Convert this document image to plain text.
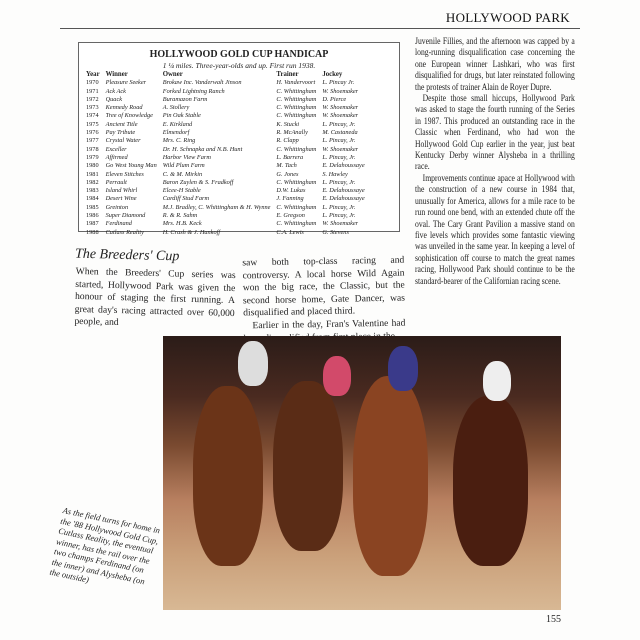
HOLLYWOOD PARK
HOLLYWOOD GOLD CUP HANDICAP
1 ¼ miles. Three-year-olds and up. First run 1938.
Year	Winner	Owner	Trainer	Jockey
1970	Pleasure Seeker	Brokaw Inc. Vanderwalt Jinson	H. Vandervoort	L. Pincay Jr.
1971	Ack Ack	Forked Lightning Ranch	C. Whittingham	W. Shoemaker
1972	Quack	Buramazon Farm	C. Whittingham	D. Pierce
1973	Kennedy Road	A. Stollery	C. Whittingham	W. Shoemaker
1974	Tree of Knowledge	Pin Oak Stable	C. Whittingham	W. Shoemaker
1975	Ancient Title	E. Kirkland	K. Stucki	L. Pincay, Jr.
1976	Pay Tribute	Elmendorf	R. McAnally	M. Castaneda
1977	Crystal Water	Mrs. C. Ring	R. Clapp	L. Pincay, Jr.
1978	Exceller	Dr. H. Schnapka and N.B. Hunt	C. Whittingham	W. Shoemaker
1979	Affirmed	Harbor View Farm	L. Barrera	L. Pincay, Jr.
1980	Go West Young Man	Wild Plum Farm	M. Tach	E. Delahoussaye
1981	Eleven Stitches	C. & M. Mirkin	G. Jones	S. Hawley
1982	Perrault	Baron Zuylen & S. Fradkoff	C. Whittingham	L. Pincay, Jr.
1983	Island Whirl	Elcee-H Stable	D.W. Lukas	E. Delahoussaye
1984	Desert Wine	Cardiff Stud Farm	J. Fanning	E. Delahoussaye
1985	Greinton	M.J. Bradley, C. Whittingham & H. Wynne	C. Whittingham	L. Pincay, Jr.
1986	Super Diamond	R. & R. Sahm	E. Gregson	L. Pincay, Jr.
1987	Ferdinand	Mrs. H.B. Keck	C. Whittingham	W. Shoemaker
1988	Cutlass Reality	H. Crash & J. Hankoff	C.A. Lewis	G. Stevens

Juvenile Fillies, and the afternoon was capped by a long-running disqualification case concerning the one European winner Lashkari, who was first disqualified for drugs, but later reinstated following the protests of trainer Alain de Royer Dupre.

Despite those small hiccups, Hollywood Park was asked to stage the fourth running of the Series in 1987. This produced an outstanding race in the Classic when Ferdinand, who had won the Hollywood Gold Cup earlier in the year, just beat Kentucky Derby winner Alysheba in a thrilling race.

Improvements continue apace at Hollywood with the construction of a new course in 1984 that, unusually for America, allows for a mile race to be run round one bend, with an extended chute off the oval. The Cary Grant Pavilion a massive stand on five levels which provides some fantastic viewing was unveiled in the same year. In keeping a level of sophistication off course to match the great names racing, Hollywood Park should continue to be the standard-bearer of the Californian racing scene.

The Breeders' Cup

When the Breeders' Cup series was started, Hollywood Park was given the honour of staging the first running. A great day's racing attracted over 60,000 people, and

saw both top-class racing and controversy. A local horse Wild Again won the big race, the Classic, but the second horse home, Gate Dancer, was disqualified and placed third.

Earlier in the day, Fran's Valentine had

As the field turns for home in the '88 Hollywood Gold Cup, Cutlass Reality, the eventual winner, has the rail over the two champs Ferdinand (on the inner) and Alysheba (on the outside)
155
